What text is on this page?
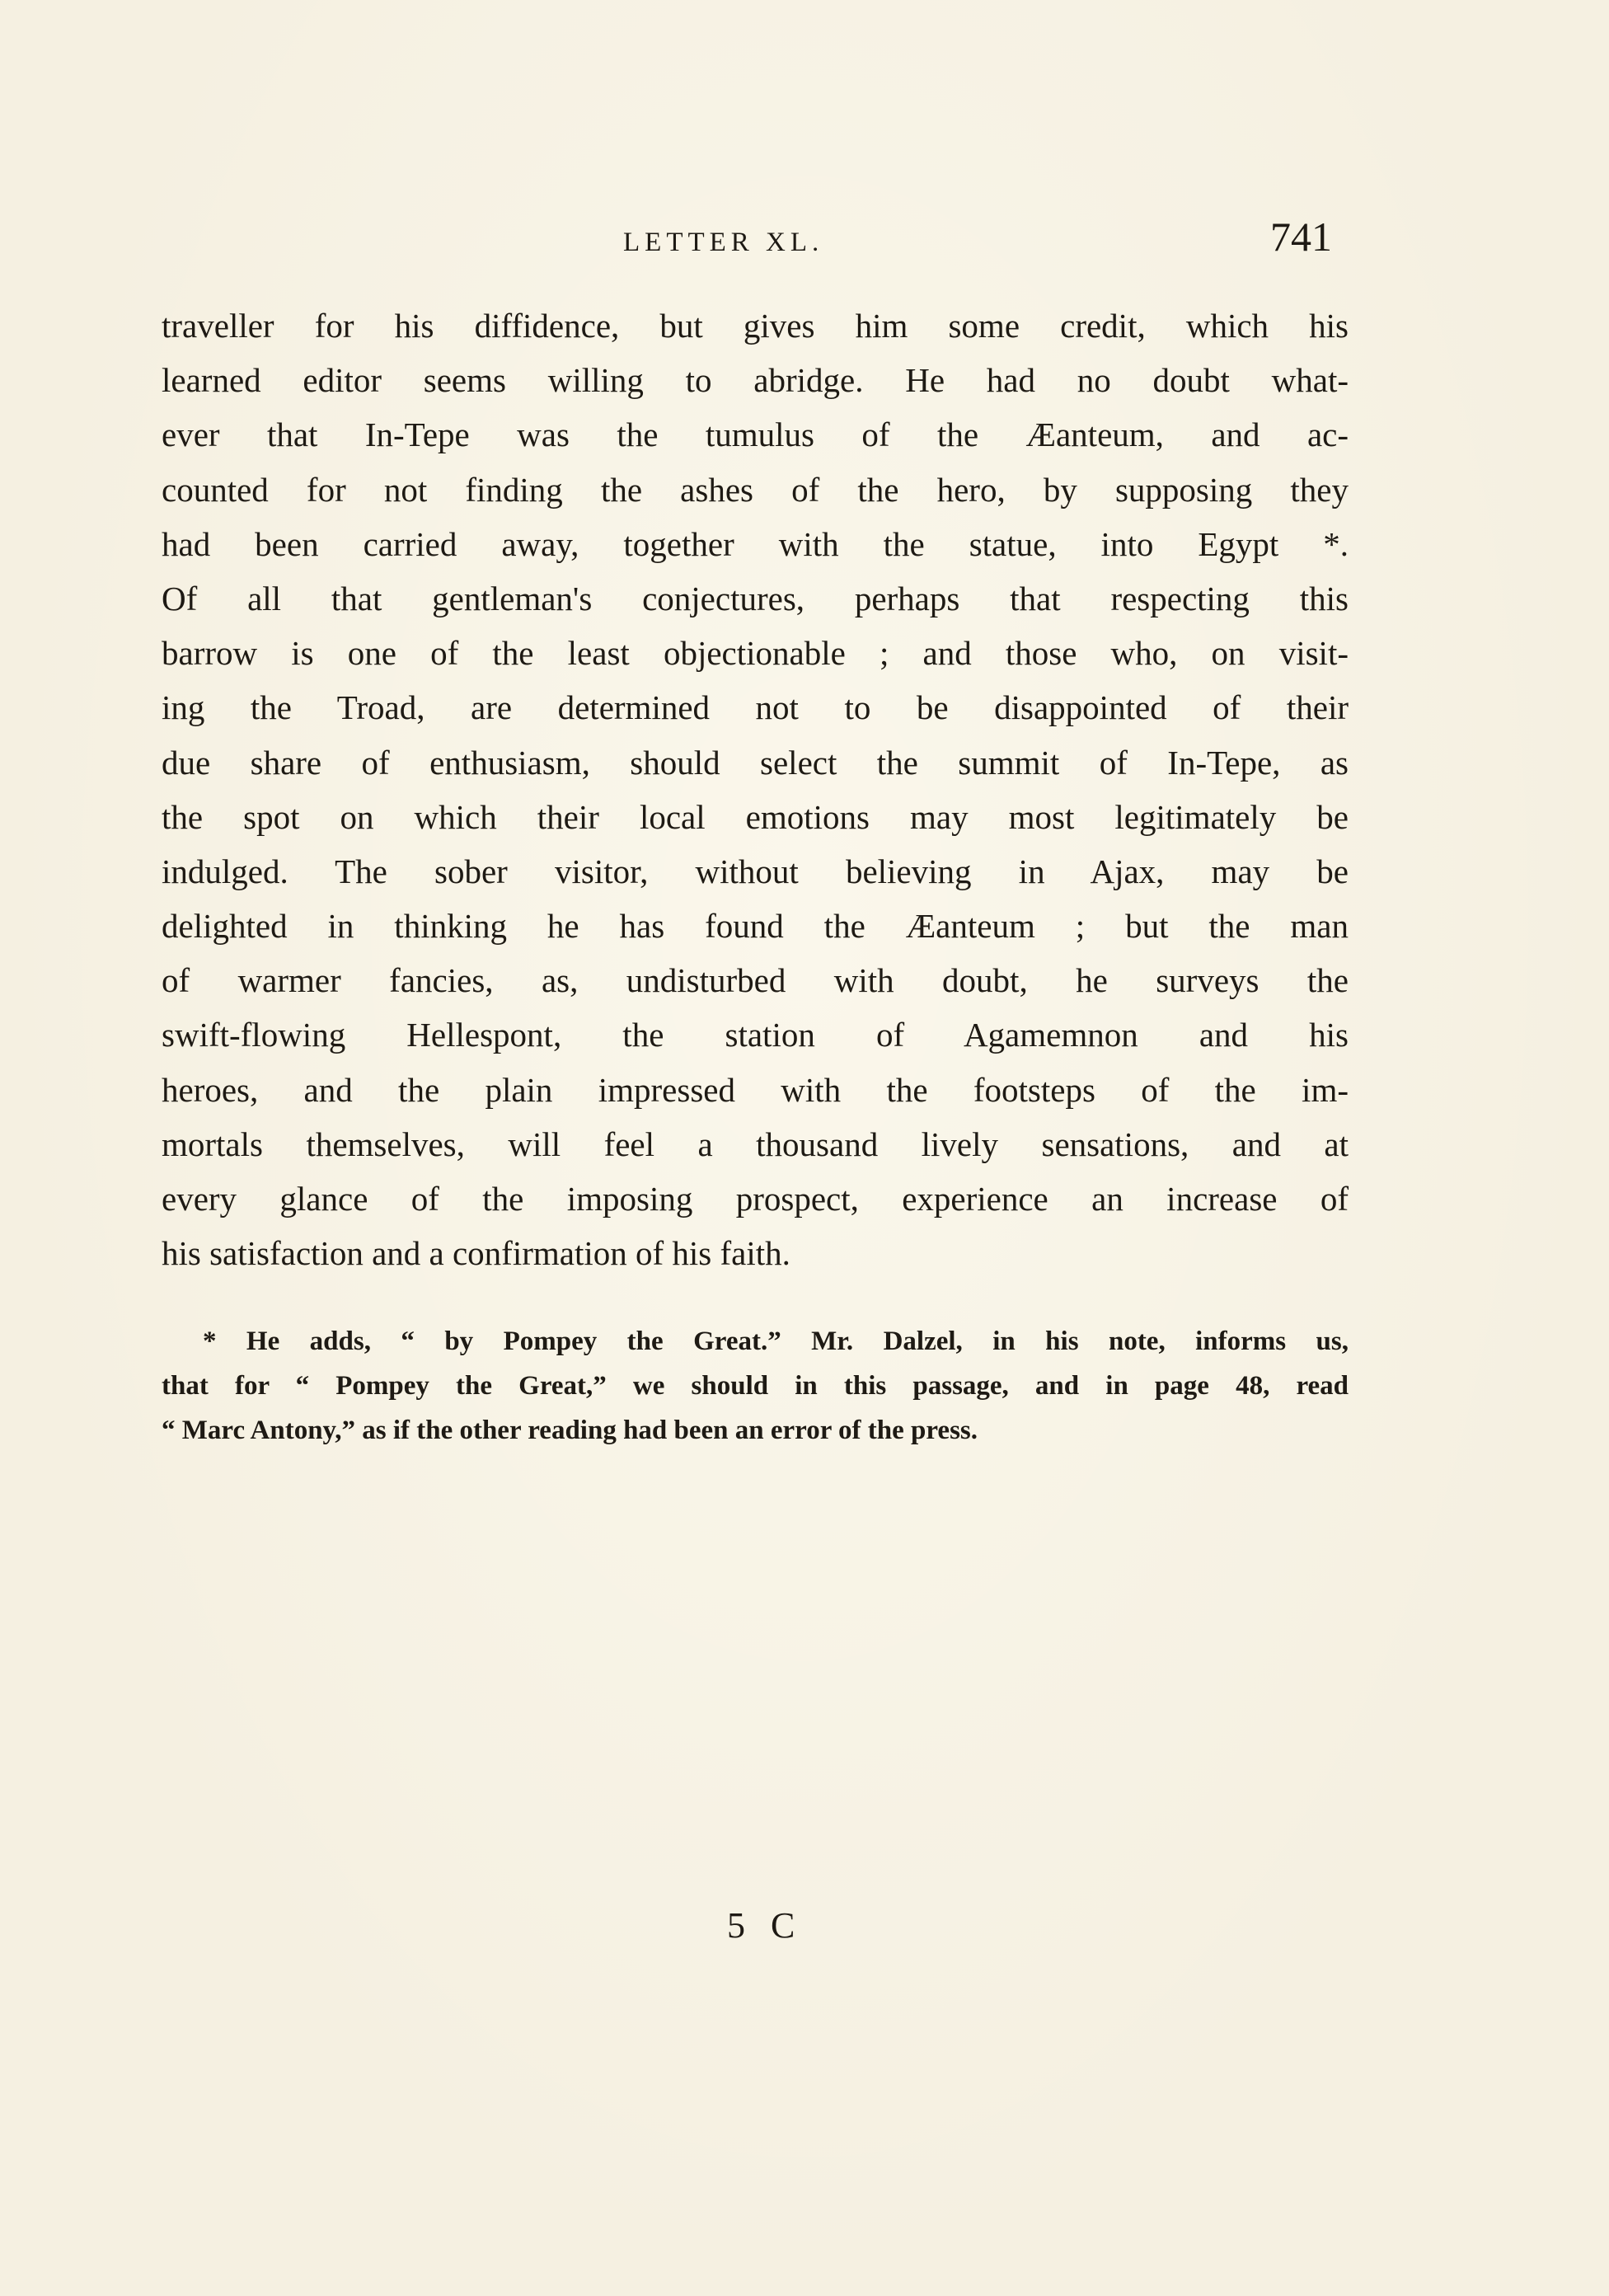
LETTER XL.	741
traveller for his diffidence, but gives him some credit, which his
learned editor seems willing to abridge. He had no doubt what-
ever that In-Tepe was the tumulus of the Æanteum, and ac-
counted for not finding the ashes of the hero, by supposing they
had been carried away, together with the statue, into Egypt *.
Of all that gentleman's conjectures, perhaps that respecting this
barrow is one of the least objectionable ; and those who, on visit-
ing the Troad, are determined not to be disappointed of their
due share of enthusiasm, should select the summit of In-Tepe, as
the spot on which their local emotions may most legitimately be
indulged. The sober visitor, without believing in Ajax, may be
delighted in thinking he has found the Æanteum ; but the man
of warmer fancies, as, undisturbed with doubt, he surveys the
swift-flowing Hellespont, the station of Agamemnon and his
heroes, and the plain impressed with the footsteps of the im-
mortals themselves, will feel a thousand lively sensations, and at
every glance of the imposing prospect, experience an increase of
his satisfaction and a confirmation of his faith.
* He adds, “ by Pompey the Great.” Mr. Dalzel, in his note, informs us,
that for “ Pompey the Great,” we should in this passage, and in page 48, read
“ Marc Antony,” as if the other reading had been an error of the press.
5 C
